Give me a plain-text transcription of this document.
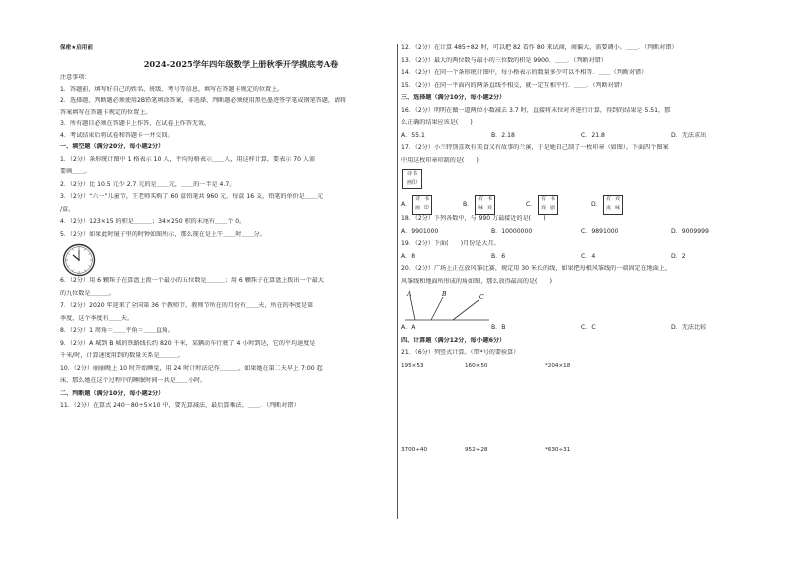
保密★启用前
2024-2025学年四年级数学上册秋季开学摸底考A卷
注意事项：
1．答题前，填写好自己的姓名、班级、考号等信息，填写在答题卡规定的位置上。
2．选择题，判断题必须使用2B铅笔填涂答案，非选择、判断题必须使用黑色墨迹签字笔或钢笔答题，请将
答案填写在答题卡规定的位置上。
3．所有题目必须在答题卡上作答，在试卷上作答无效。
4．考试结束后将试卷和答题卡一并交回。
一、填空题（满分20分，每小题2分）
1．（2分）条形统计图中 1 格表示 10 人，平均每格表示＿＿人，用这样计算，要表示 70 人需
要画＿＿。
2．（2分）比 10.5 元少 2.7 元的是＿＿元，＿＿的一半是 4.7。
3．（2分）“六一”儿童节，王老师买购了 60 盒铅笔共 960 元，每盒 16 支，铅笔的单价是＿＿元
/盒。
4．（2分）123×15 的积是＿＿＿；34×250 积的末尾有＿＿个 0。
5．（2分）如果此时镜子里的时钟如图所示，那么现在是上午＿＿时＿＿分。
6．（2分）用 6 颗珠子在算盘上拨一个最小的五位数是＿＿＿；用 6 颗珠子在算盘上拨出一个最大
的九位数是＿＿＿。
7．（2分）2020 年迎来了全国第 36 个教师节，教师节所在的月份有＿＿天，所在的季度是第
季度，这个季度有＿＿天。
8．（2分）1 周角＝＿＿平角＝＿＿直角。
9．（2分）A 城到 B 城的铁路线长约 820 千米，某辆动车行驶了 4 小时到达，它的平均速度是
千米/时，计算速度用到的数量关系是＿＿＿。
10．（2分）丽丽晚上 10 时开始睡觉，用 24 时计时法记作＿＿＿，如果她在第二天早上 7:00 起
床，那么她在这个过程中的睡眠时间一共是＿＿小时。
二、判断题（满分10分，每小题2分）
11．（2分）在算式 240－80÷5×10 中，要先算减法，最后算乘法。＿＿．（判断对错）
12．（2分）在计算 485÷82 时，可以把 82 看作 80 来试商，商偏大，需要调小。＿＿．（判断对错）
13．（2分）最大的两位数与最小的三位数的积是 9900．＿＿．（判断对错）
14．（2分）在同一个条形统计图中，每小格表示的数量多少可以不相等．＿＿（判断对错）
15．（2分）在同一平面内的两条直线不相交，就一定互相平行．＿＿．（判断对错）
三、选择题（满分10分，每小题2分）
16．（2分）明明在做一道两位小数减去 3.7 时，直接将末位对齐进行计算，得到的结果是 5.51，那
么正确的结果应该是(　　)
A．55.1	B．2.18	C．21.8	D．无法求出
17．（2分）小兰特别喜欢有美食又有故事的兰溪，于是她自己制了一枚印章（如图）。下面四个图案
中用这枚印章印制的是(　　)
诗书
画印
A．
诗 书
画 印
B．
有 书
味 戏
C．
有 书
戏 剧
D．
有 戏
成 味
18．（2分）下列各数中，与 990 万最接近的是(　　)
A．9901000	B．10000000	C．9891000	D．9009999
19．（2分）下面(　　)月份是大月。
A．8	B．6	C．4	D．2
20．（2分）广场上正在放风筝比赛，规定用 30 米长的线，如果把每根风筝线的一端固定在地面上，
风筝线和地面所形成的角如图，那么放得最高的是(　　)
A	B	C
A．A	B．B	C．C	D．无法比较
四、计算题（满分12分，每小题6分）
21．（6分）列竖式计算。（带*号的要验算）
195×53	160×50	*204×18
3700÷40	952÷28	*630÷31
